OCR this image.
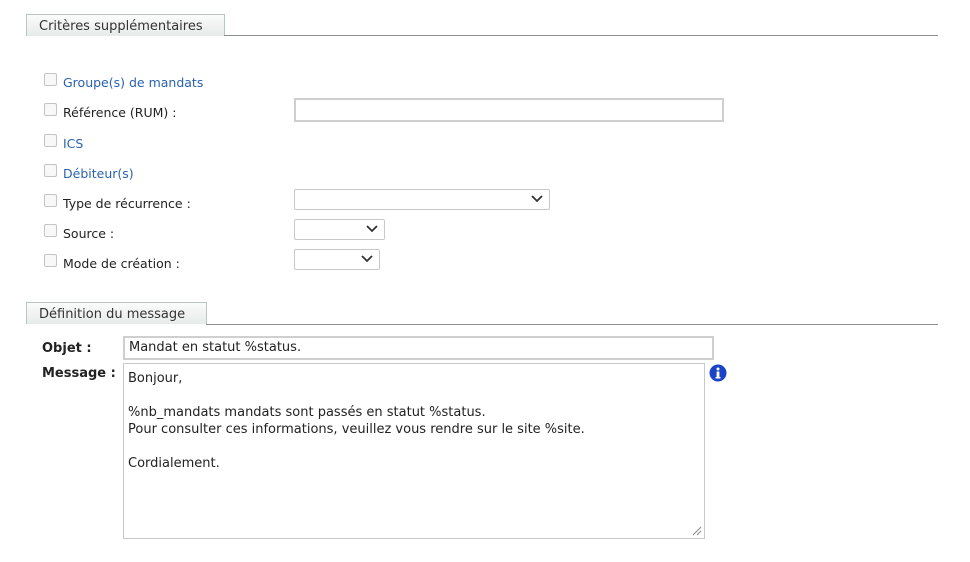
Critères supplémentaires
Groupe(s) de mandats
Référence (RUM) :
ICS
Débiteur(s)
Type de récurrence :
Source :
Mode de création :
Définition du message
Objet :	Mandat en statut %status.
Message : Bonjour,

%nb_mandats mandats sont passés en statut %status.
Pour consulter ces informations, veuillez vous rendre sur le site %site.

Cordialement.
